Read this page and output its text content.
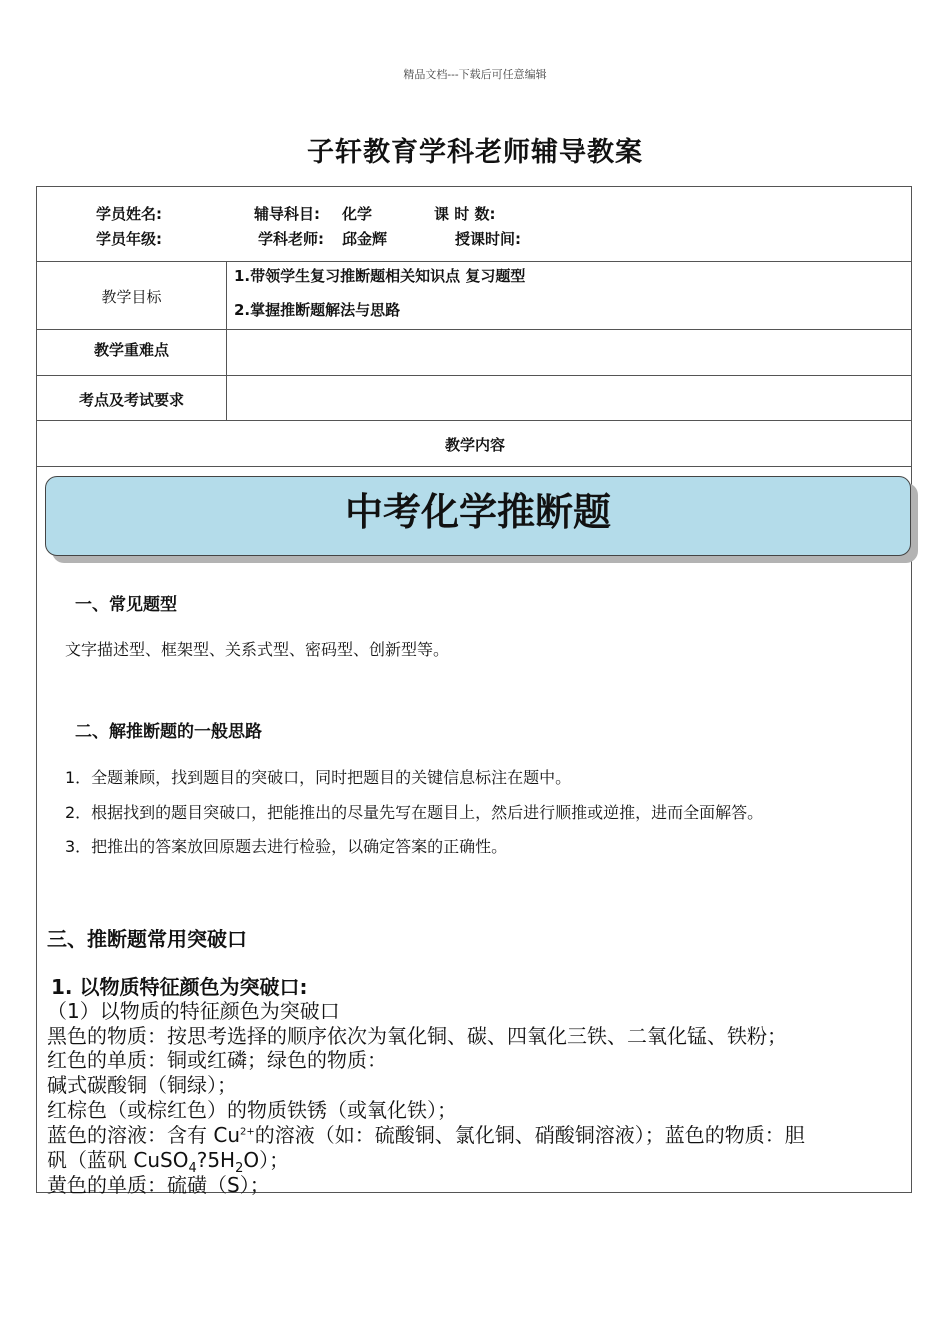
精品文档---下载后可任意编辑
子轩教育学科老师辅导教案
学员姓名:	辅导科目: 化学	课 时 数:
学员年级:	学科老师: 邱金辉	授课时间:
教学目标
1.带领学生复习推断题相关知识点 复习题型
2.掌握推断题解法与思路
教学重难点
考点及考试要求
教学内容
中考化学推断题
一、常见题型
文字描述型、框架型、关系式型、密码型、创新型等。
二、解推断题的一般思路
1．全题兼顾，找到题目的突破口，同时把题目的关键信息标注在题中。
2．根据找到的题目突破口，把能推出的尽量先写在题目上，然后进行顺推或逆推，进而全面解答。
3．把推出的答案放回原题去进行检验，以确定答案的正确性。
三、推断题常用突破口
1. 以物质特征颜色为突破口:
（1）以物质的特征颜色为突破口
黑色的物质：按思考选择的顺序依次为氧化铜、碳、四氧化三铁、二氧化锰、铁粉；
红色的单质：铜或红磷；绿色的物质：
碱式碳酸铜（铜绿）；
红棕色（或棕红色）的物质铁锈（或氧化铁）；
蓝色的溶液：含有 $Cu^{2+}$的溶液（如：硫酸铜、氯化铜、硝酸铜溶液）；蓝色的物质：胆
矾（蓝矾 $CuSO_4?5H_2O$）；
黄色的单质：硫磺（S）；
